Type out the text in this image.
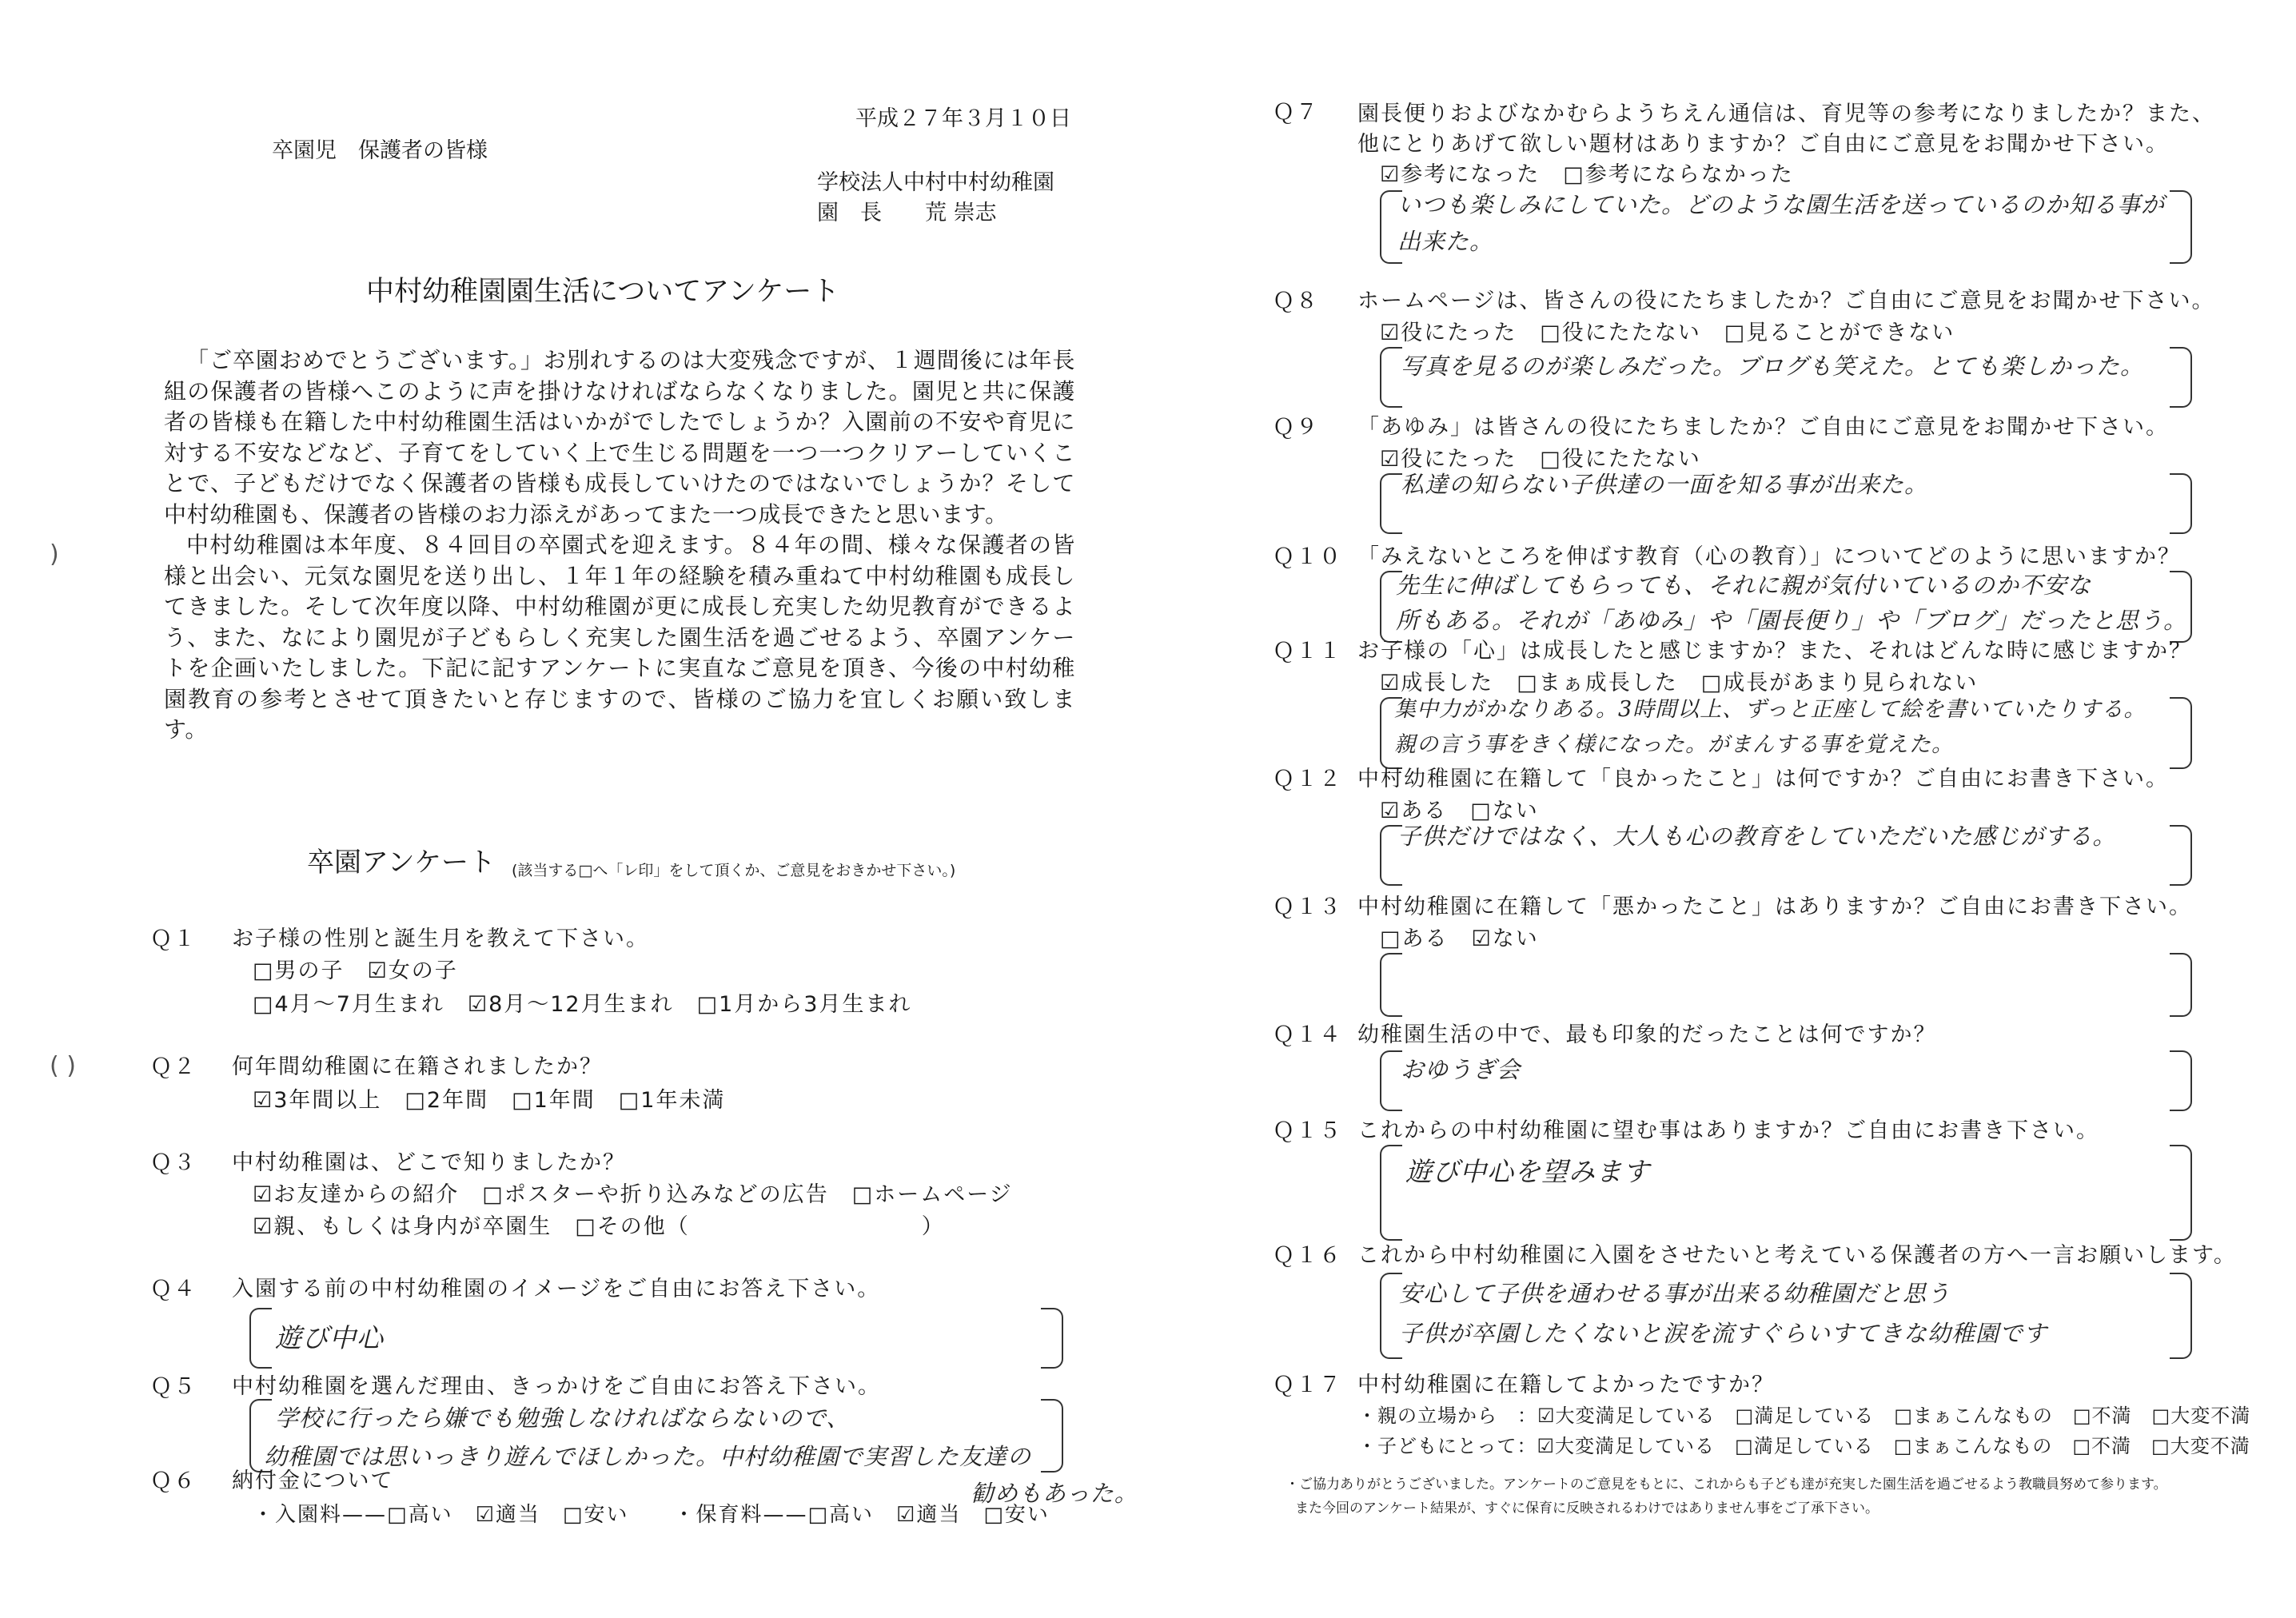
平成２７年３月１０日
卒園児　保護者の皆様
学校法人中村中村幼稚園
園　長　　荒 崇志
中村幼稚園園生活についてアンケート

「ご卒園おめでとうございます。」お別れするのは大変残念ですが、１週間後には年長組の保護者の皆様へこのように声を掛けなければならなくなりました。園児と共に保護者の皆様も在籍した中村幼稚園生活はいかがでしたでしょうか？入園前の不安や育児に対する不安などなど、子育てをしていく上で生じる問題を一つ一つクリアーしていくことで、子どもだけでなく保護者の皆様も成長していけたのではないでしょうか？そして中村幼稚園も、保護者の皆様のお力添えがあってまた一つ成長できたと思います。

中村幼稚園は本年度、８４回目の卒園式を迎えます。８４年の間、様々な保護者の皆様と出会い、元気な園児を送り出し、１年１年の経験を積み重ねて中村幼稚園も成長してきました。そして次年度以降、中村幼稚園が更に成長し充実した幼児教育ができるよう、また、なにより園児が子どもらしく充実した園生活を過ごせるよう、卒園アンケートを企画いたしました。下記に記すアンケートに実直なご意見を頂き、今後の中村幼稚園教育の参考とさせて頂きたいと存じますので、皆様のご協力を宜しくお願い致します。

卒園アンケート (該当する□へ「レ印」をして頂くか、ご意見をおきかせ下さい。)
Ｑ１ お子様の性別と誕生月を教えて下さい。
□男の子　☑女の子
□4月〜7月生まれ　☑8月〜12月生まれ　□1月から3月生まれ
Ｑ２ 何年間幼稚園に在籍されましたか？
☑3年間以上　□2年間　□1年間　□1年未満
Ｑ３ 中村幼稚園は、どこで知りましたか？
☑お友達からの紹介　□ポスターや折り込みなどの広告　□ホームページ
☑親、もしくは身内が卒園生　□その他（　　　　　　　　　　）
Ｑ４ 入園する前の中村幼稚園のイメージをご自由にお答え下さい。
遊び中心
Ｑ５ 中村幼稚園を選んだ理由、きっかけをご自由にお答え下さい。
学校に行ったら嫌でも勉強しなければならないので、
幼稚園では思いっきり遊んでほしかった。中村幼稚園で実習した友達の
勧めもあった。
Ｑ６ 納付金について
・入園料——□高い　☑適当　□安い　　・保育料——□高い　☑適当　□安い
)
( )
Ｑ７ 園長便りおよびなかむらようちえん通信は、育児等の参考になりましたか？また、他にとりあげて欲しい題材はありますか？ご自由にご意見をお聞かせ下さい。
☑参考になった　□参考にならなかった
いつも楽しみにしていた。どのような園生活を送っているのか知る事が
出来た。
Ｑ８ ホームページは、皆さんの役にたちましたか？ご自由にご意見をお聞かせ下さい。
☑役にたった　□役にたたない　□見ることができない
写真を見るのが楽しみだった。ブログも笑えた。とても楽しかった。
Ｑ９ 「あゆみ」は皆さんの役にたちましたか？ご自由にご意見をお聞かせ下さい。
☑役にたった　□役にたたない
私達の知らない子供達の一面を知る事が出来た。
Ｑ１０ 「みえないところを伸ばす教育（心の教育）」についてどのように思いますか？
先生に伸ばしてもらっても、それに親が気付いているのか不安な
所もある。それが「あゆみ」や「園長便り」や「ブログ」だったと思う。
Ｑ１１ お子様の「心」は成長したと感じますか？また、それはどんな時に感じますか？
☑成長した　□まぁ成長した　□成長があまり見られない
集中力がかなりある。3時間以上、ずっと正座して絵を書いていたりする。
親の言う事をきく様になった。がまんする事を覚えた。
Ｑ１２ 中村幼稚園に在籍して「良かったこと」は何ですか？ご自由にお書き下さい。
☑ある　□ない
子供だけではなく、大人も心の教育をしていただいた感じがする。
Ｑ１３ 中村幼稚園に在籍して「悪かったこと」はありますか？ご自由にお書き下さい。
□ある　☑ない
Ｑ１４ 幼稚園生活の中で、最も印象的だったことは何ですか？
おゆうぎ会
Ｑ１５ これからの中村幼稚園に望む事はありますか？ご自由にお書き下さい。
遊び中心を望みます
Ｑ１６ これから中村幼稚園に入園をさせたいと考えている保護者の方へ一言お願いします。
安心して子供を通わせる事が出来る幼稚園だと思う
子供が卒園したくないと涙を流すぐらいすてきな幼稚園です
Ｑ１７ 中村幼稚園に在籍してよかったですか？
・親の立場から　：☑大変満足している　□満足している　□まぁこんなもの　□不満　□大変不満
・子どもにとって：☑大変満足している　□満足している　□まぁこんなもの　□不満　□大変不満
・ご協力ありがとうございました。アンケートのご意見をもとに、これからも子ども達が充実した園生活を過ごせるよう教職員努めて参ります。
また今回のアンケート結果が、すぐに保育に反映されるわけではありません事をご了承下さい。
